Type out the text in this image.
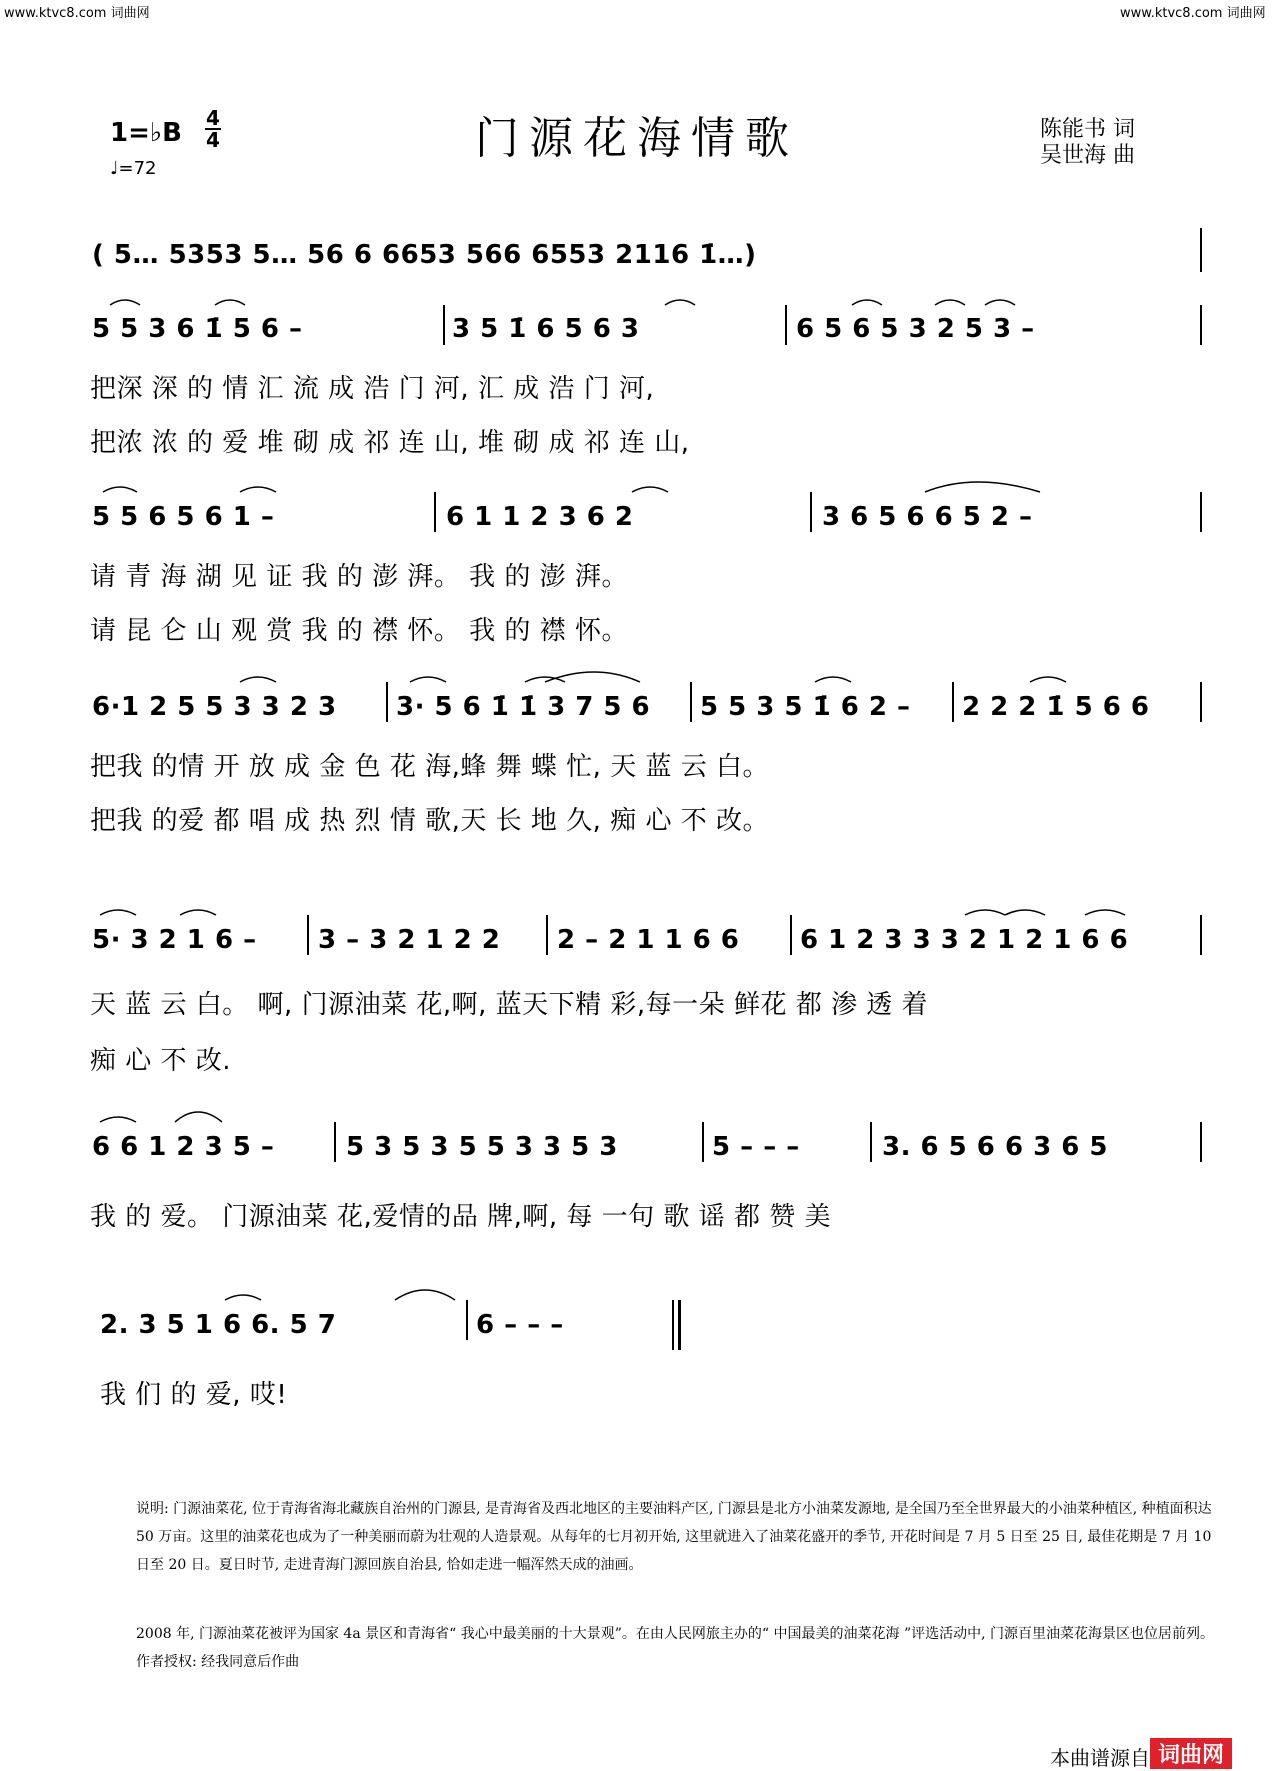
www.ktvc8.com 词曲网	www.ktvc8.com 词曲网
1=♭B 4
4
♩=72
门源花海情歌	陈能书 词
吴世海 曲
( 5… 5353 5… 56 6 6653 566 6553 2116 1̇…)
5 5 3 6 1̇ 5 6 –	3 5 1̇ 6 5 6 3	6 5 6 5 3 2 5 3 –
把深 深 的 情 汇 流 成 浩 门 河, 汇 成 浩 门 河,
把浓 浓 的 爱 堆 砌 成 祁 连 山, 堆 砌 成 祁 连 山,
5 5 6 5 6 1 –	6 1 1 2 3 6 2	3 6 5 6 6 5 2 –
请 青 海 湖 见 证 我 的 澎 湃。 我 的 澎 湃。
请 昆 仑 山 观 赏 我 的 襟 怀。 我 的 襟 怀。
6·1 2 5 5 3 3 2 3 3· 5 6 1̇ 1̇ 3 7 5 6 5 5 3 5 1̇ 6 2 – 2 2 2 1̇ 5 6 6
把我 的情 开 放 成 金 色 花 海,蜂 舞 蝶 忙, 天 蓝 云 白。
把我 的爱 都 唱 成 热 烈 情 歌,天 长 地 久, 痴 心 不 改。
5· 3 2 1 6 – 3 – 3 2 1 2 2 2 – 2 1 1 6 6 6 1 2 3 3 3 2 1 2 1 6 6
天 蓝 云 白。 啊, 门源油菜 花,啊, 蓝天下精 彩,每一朵 鲜花 都 渗 透 着
痴 心 不 改.
6 6 1 2 3 5 –	5 3 5 3 5 5 3 3 5 3	5 – – –	3. 6 5 6 6 3 6 5
我 的 爱。 门源油菜 花,爱情的品 牌,啊, 每 一句 歌 谣 都 赞 美
2. 3 5 1 6 6. 5 7	6 – – –
我 们 的 爱, 哎!
说明: 门源油菜花, 位于青海省海北藏族自治州的门源县, 是青海省及西北地区的主要油料产区, 门源县是北方小油菜发源地, 是全国乃至全世界最大的小油菜种植区, 种植面积达 50 万亩。这里的油菜花也成为了一种美丽而蔚为壮观的人造景观。从每年的七月初开始, 这里就进入了油菜花盛开的季节, 开花时间是 7 月 5 日至 25 日, 最佳花期是 7 月 10 日至 20 日。夏日时节, 走进青海门源回族自治县, 恰如走进一幅浑然天成的油画。
2008 年, 门源油菜花被评为国家 4a 景区和青海省“ 我心中最美丽的十大景观”。在由人民网旅主办的“ 中国最美的油菜花海 ”评选活动中, 门源百里油菜花海景区也位居前列。 作者授权: 经我同意后作曲
本曲谱源自 词曲网
